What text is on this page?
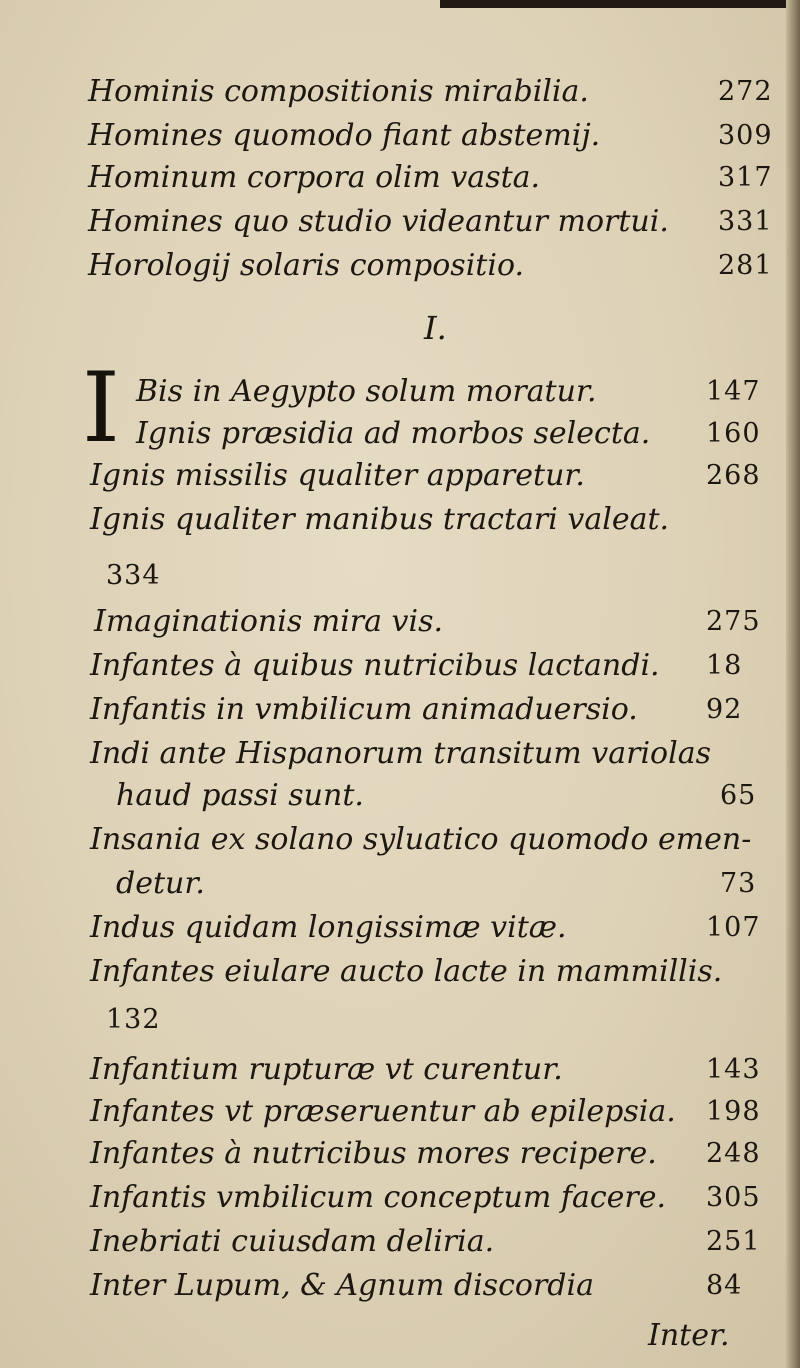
Hominis compositionis mirabilia.	272
Homines quomodo fiant abstemij.	309
Hominum corpora olim vasta.	317
Homines quo studio videantur mortui. 331
Horologij solaris compositio.	281
Bis in Aegypto solum moratur.	147
Ignis præsidia ad morbos selecta. 160
Ignis missilis qualiter apparetur.	268
Ignis qualiter manibus tractari valeat.
334
Imaginationis mira vis.	275
Infantes à quibus nutricibus lactandi. 18
Infantis in vmbilicum animaduersio.	92
Indi ante Hispanorum transitum variolas
haud passi sunt.	65
Insania ex solano syluatico quomodo emen-
detur.	73
Indus quidam longissimæ vitæ.	107
Infantes eiulare aucto lacte in mammillis.
132
Infantium rupturæ vt curentur.	143
Infantes vt præseruentur ab epilepsia. 198
Infantes à nutricibus mores recipere. 248
Infantis vmbilicum conceptum facere. 305
Inebriati cuiusdam deliria.	251
Inter Lupum, & Agnum discordia	84
I.
I
Inter.
